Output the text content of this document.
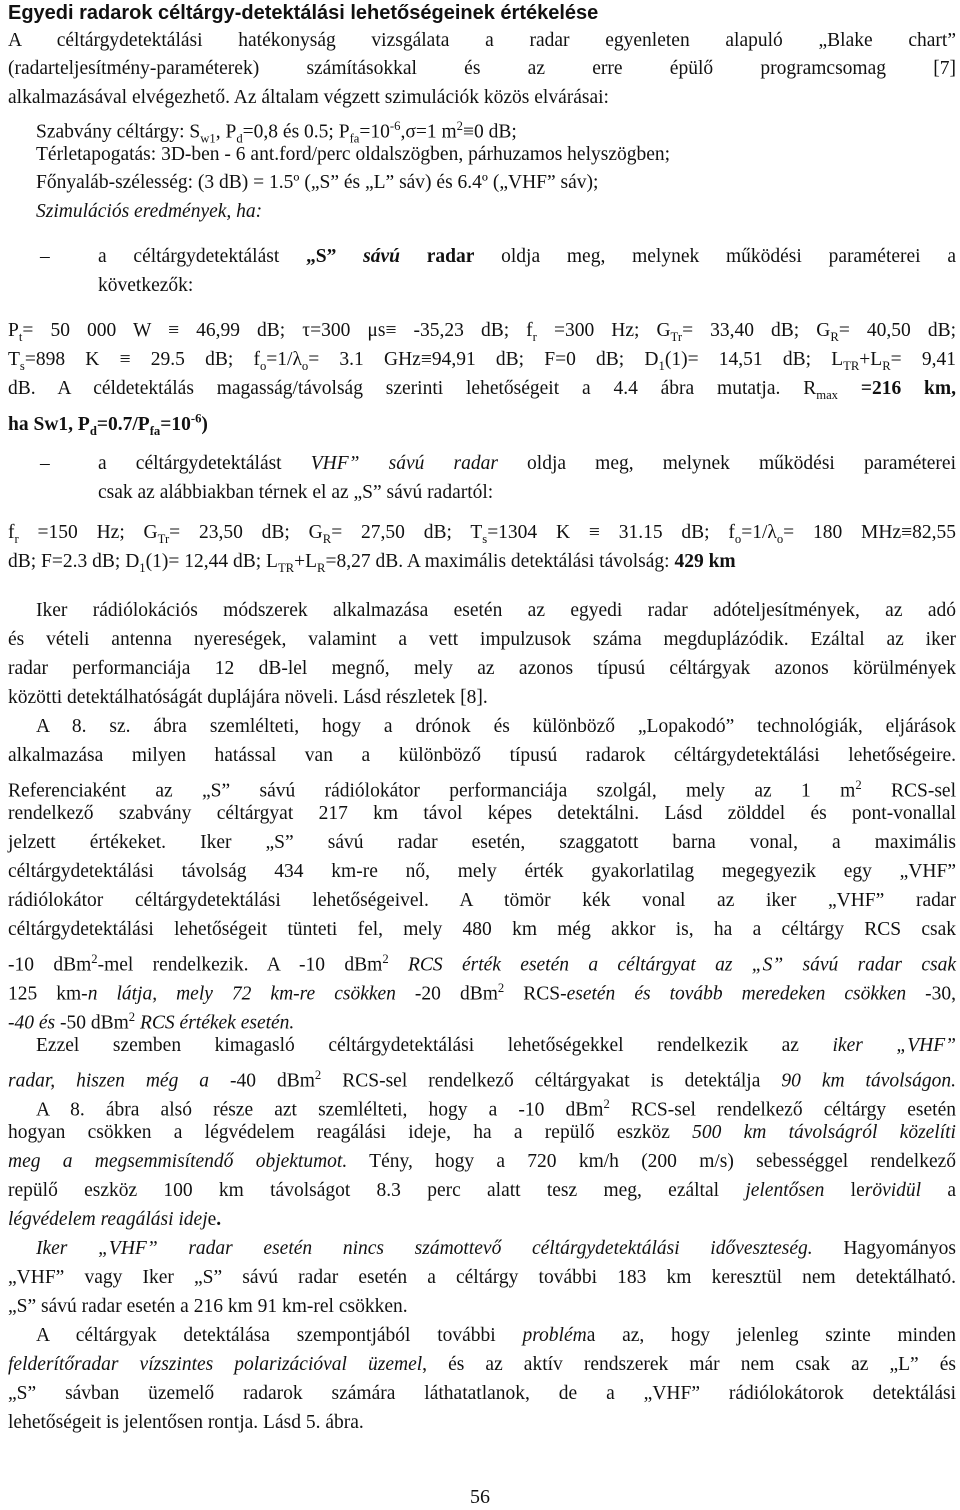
Egyedi radarok céltárgy-detektálási lehetőségeinek értékelése
A céltárgydetektálási hatékonyság vizsgálata a radar egyenleten alapuló „Blake chart”
(radarteljesítmény-paraméterek) számításokkal és az erre épülő programcsomag [7]
alkalmazásával elvégezhető. Az általam végzett szimulációk közös elvárásai:
Szabvány céltárgy: $S_{w1}$, $P_d=0,8$ és 0.5; $P_{fa}=10^{-6},\sigma=1$ $m^2\equiv 0$ dB;
Térletapogatás: 3D-ben - 6 ant.ford/perc oldalszögben, párhuzamos helyszögben;
Főnyaláb-szélesség: (3 dB) = 1.5º („S” és „L” sáv) és 6.4º („VHF” sáv);
Szimulációs eredmények, ha:
– a céltárgydetektálást „S” sávú radar oldja meg, melynek működési paraméterei a
következők:
$P_t= 50$ 000 W ≡ 46,99 dB; τ=300 μs≡ -35,23 dB; $f_r =300$ Hz; $G_{Tr}= 33,40$ dB; $G_R= 40,50$ dB;
$T_s=898$ K ≡ 29.5 dB; $f_o=1/\lambda_o= 3.1$ GHz≡94,91 dB; F=0 dB; $D_1(1)= 14,51$ dB; $L_{TR}+L_R= 9,41$
dB. A céldetektálás magasság/távolság szerinti lehetőségeit a 4.4 ábra mutatja. $R_{max} =216$ km,
ha Sw1, $P_d=0.7/P_{fa}=10^{-6}$)
– a céltárgydetektálást VHF” sávú radar oldja meg, melynek működési paraméterei
csak az alábbiakban térnek el az „S” sávú radartól:
$f_r =150$ Hz; $G_{Tr}= 23,50$ dB; $G_R= 27,50$ dB; $T_s=1304$ K ≡ 31.15 dB; $f_o=1/\lambda_o= 180$ MHz≡82,55
dB; F=2.3 dB; $D_1(1)= 12,44$ dB; $L_{TR}+L_R=8,27$ dB. A maximális detektálási távolság: 429 km
Iker rádiólokációs módszerek alkalmazása esetén az egyedi radar adóteljesítmények, az adó
és vételi antenna nyereségek, valamint a vett impulzusok száma megduplázódik. Ezáltal az iker
radar performanciája 12 dB-lel megnő, mely az azonos típusú céltárgyak azonos körülmények
közötti detektálhatóságát duplájára növeli. Lásd részletek [8].
A 8. sz. ábra szemlélteti, hogy a drónok és különböző „Lopakodó” technológiák, eljárások
alkalmazása milyen hatással van a különböző típusú radarok céltárgydetektálási lehetőségeire.
Referenciaként az „S” sávú rádiólokátor performanciája szolgál, mely az 1 $m^2$ RCS-sel
rendelkező szabvány céltárgyat 217 km távol képes detektálni. Lásd zölddel és pont-vonallal
jelzett értékeket. Iker „S” sávú radar esetén, szaggatott barna vonal, a maximális
céltárgydetektálási távolság 434 km-re nő, mely érték gyakorlatilag megegyezik egy „VHF”
rádiólokátor céltárgydetektálási lehetőségeivel. A tömör kék vonal az iker „VHF” radar
céltárgydetektálási lehetőségeit tünteti fel, mely 480 km még akkor is, ha a céltárgy RCS csak
-10 dBm$^2$-mel rendelkezik. A -10 dBm$^2$ RCS érték esetén a céltárgyat az „S” sávú radar csak
125 km-n látja, mely 72 km-re csökken -20 dBm$^2$ RCS-esetén és tovább meredeken csökken -30,
-40 és -50 dBm$^2$ RCS értékek esetén.
Ezzel szemben kimagasló céltárgydetektálási lehetőségekkel rendelkezik az iker „VHF”
radar, hiszen még a -40 dBm$^2$ RCS-sel rendelkező céltárgyakat is detektálja 90 km távolságon.
A 8. ábra alsó része azt szemlélteti, hogy a -10 dBm$^2$ RCS-sel rendelkező céltárgy esetén
hogyan csökken a légvédelem reagálási ideje, ha a repülő eszköz 500 km távolságról közelíti
meg a megsemmisítendő objektumot. Tény, hogy a 720 km/h (200 m/s) sebességgel rendelkező
repülő eszköz 100 km távolságot 8.3 perc alatt tesz meg, ezáltal jelentősen lerövidül a
légvédelem reagálási ideje.
Iker „VHF” radar esetén nincs számottevő céltárgydetektálási időveszteség. Hagyományos
„VHF” vagy Iker „S” sávú radar esetén a céltárgy további 183 km keresztül nem detektálható.
„S” sávú radar esetén a 216 km 91 km-rel csökken.
A céltárgyak detektálása szempontjából további probléma az, hogy jelenleg szinte minden
felderítőradar vízszintes polarizációval üzemel, és az aktív rendszerek már nem csak az „L” és
„S” sávban üzemelő radarok számára láthatatlanok, de a „VHF” rádiólokátorok detektálási
lehetőségeit is jelentősen rontja. Lásd 5. ábra.
56
